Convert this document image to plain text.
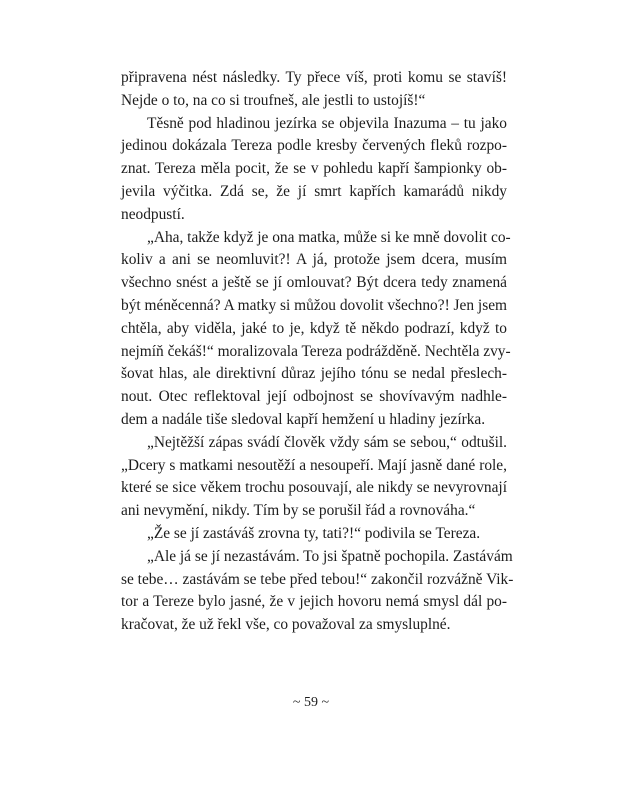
připravena nést následky. Ty přece víš, proti komu se stavíš!
Nejde o to, na co si troufneš, ale jestli to ustojíš!“
Těsně pod hladinou jezírka se objevila Inazuma – tu jako
jedinou dokázala Tereza podle kresby červených fleků rozpo-
znat. Tereza měla pocit, že se v pohledu kapří šampionky ob-
jevila výčitka. Zdá se, že jí smrt kapřích kamarádů nikdy
neodpustí.
„Aha, takže když je ona matka, může si ke mně dovolit co-
koliv a ani se neomluvit?! A já, protože jsem dcera, musím
všechno snést a ještě se jí omlouvat? Být dcera tedy znamená
být méněcenná? A matky si můžou dovolit všechno?! Jen jsem
chtěla, aby viděla, jaké to je, když tě někdo podrazí, když to
nejmíň čekáš!“ moralizovala Tereza podrážděně. Nechtěla zvy-
šovat hlas, ale direktivní důraz jejího tónu se nedal přeslech-
nout. Otec reflektoval její odbojnost se shovívavým nadhle-
dem a nadále tiše sledoval kapří hemžení u hladiny jezírka.
„Nejtěžší zápas svádí člověk vždy sám se sebou,“ odtušil.
„Dcery s matkami nesoutěží a nesoupeří. Mají jasně dané role,
které se sice věkem trochu posouvají, ale nikdy se nevyrovnají
ani nevymění, nikdy. Tím by se porušil řád a rovnováha.“
„Že se jí zastáváš zrovna ty, tati?!“ podivila se Tereza.
„Ale já se jí nezastávám. To jsi špatně pochopila. Zastávám
se tebe… zastávám se tebe před tebou!“ zakončil rozvážně Vik-
tor a Tereze bylo jasné, že v jejich hovoru nemá smysl dál po-
kračovat, že už řekl vše, co považoval za smysluplné.
~ 59 ~
